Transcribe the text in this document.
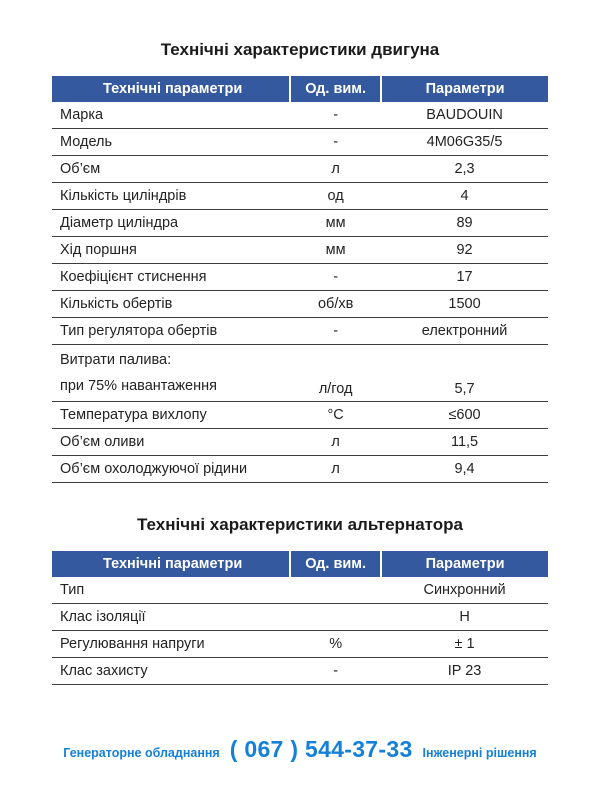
Технічні характеристики двигуна
Технічні параметри	Од. вим.	Параметри
Марка	-	BAUDOUIN
Модель	-	4M06G35/5
Об’єм	л	2,3
Кількість циліндрів	од	4
Діаметр циліндра	мм	89
Хід поршня	мм	92
Коефіцієнт стиснення	-	17
Кількість обертів	об/хв	1500
Тип регулятора обертів	-	електронний

Витрати палива:
при 75% навантаження	л/год	5,7
Температура вихлопу	°С	≤600
Об’єм оливи	л	11,5
Об’єм охолоджуючої рідини	л	9,4
Технічні характеристики альтернатора
Технічні параметри	Од. вим.	Параметри
Тип		Синхронний
Клас ізоляції		Н
Регулювання напруги	%	± 1
Клас захисту	-	IP 23
Генераторне обладнання ( 067 ) 544-37-33 Інженерні рішення
